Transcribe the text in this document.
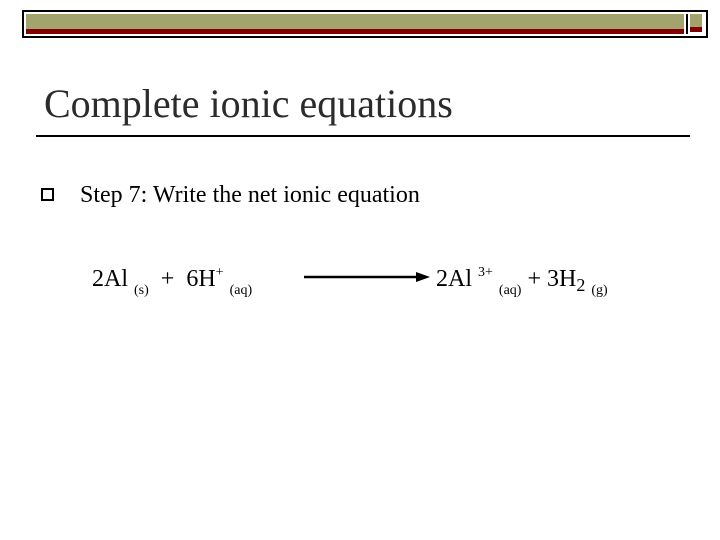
Complete ionic equations
Step 7: Write the net ionic equation
2Al $_{(s)}$ + 6H+ $_{(aq)}$	2Al $^{3+}$ $_{(aq)} + 3H_2$ $_{(g)}$
